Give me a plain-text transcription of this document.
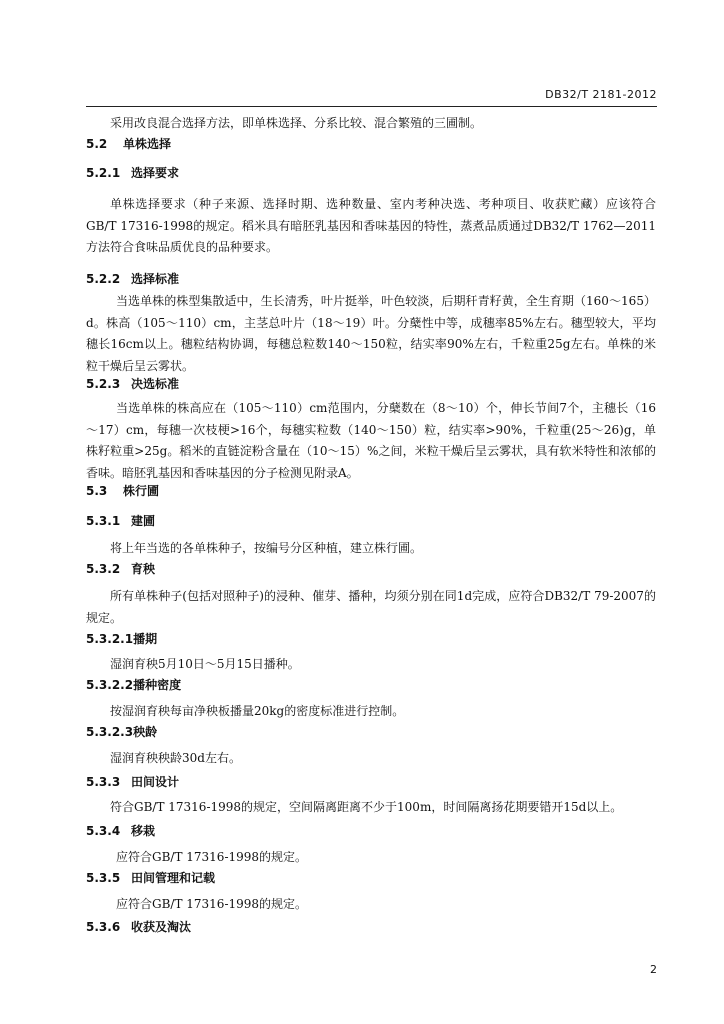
DB32/T 2181-2012
采用改良混合选择方法，即单株选择、分系比较、混合繁殖的三圃制。
5.2 单株选择
5.2.1 选择要求
单株选择要求（种子来源、选择时期、选种数量、室内考种决选、考种项目、收获贮藏）应该符合GB/T 17316-1998的规定。稻米具有暗胚乳基因和香味基因的特性，蒸煮品质通过DB32/T 1762—2011方法符合食味品质优良的品种要求。
5.2.2 选择标准
当选单株的株型集散适中，生长清秀，叶片挺举，叶色较淡，后期秆青籽黄，全生育期（160～165）d。株高（105～110）cm，主茎总叶片（18～19）叶。分蘖性中等，成穗率85%左右。穗型较大，平均穗长16cm以上。穗粒结构协调，每穗总粒数140～150粒，结实率90%左右，千粒重25g左右。单株的米粒干燥后呈云雾状。
5.2.3 决选标准
当选单株的株高应在（105～110）cm范围内，分蘖数在（8～10）个，伸长节间7个，主穗长（16～17）cm，每穗一次枝梗>16个，每穗实粒数（140～150）粒，结实率>90%，千粒重(25～26)g，单株籽粒重>25g。稻米的直链淀粉含量在（10～15）%之间，米粒干燥后呈云雾状，具有软米特性和浓郁的香味。暗胚乳基因和香味基因的分子检测见附录A。
5.3 株行圃
5.3.1 建圃
将上年当选的各单株种子，按编号分区种植，建立株行圃。
5.3.2 育秧
所有单株种子(包括对照种子)的浸种、催芽、播种，均须分别在同1d完成，应符合DB32/T 79-2007的规定。
5.3.2.1播期
湿润育秧5月10日～5月15日播种。
5.3.2.2播种密度
按湿润育秧每亩净秧板播量20kg的密度标准进行控制。
5.3.2.3秧龄
湿润育秧秧龄30d左右。
5.3.3 田间设计
符合GB/T 17316-1998的规定，空间隔离距离不少于100m，时间隔离扬花期要错开15d以上。
5.3.4 移栽
应符合GB/T 17316-1998的规定。
5.3.5 田间管理和记载
应符合GB/T 17316-1998的规定。
5.3.6 收获及淘汰
2
